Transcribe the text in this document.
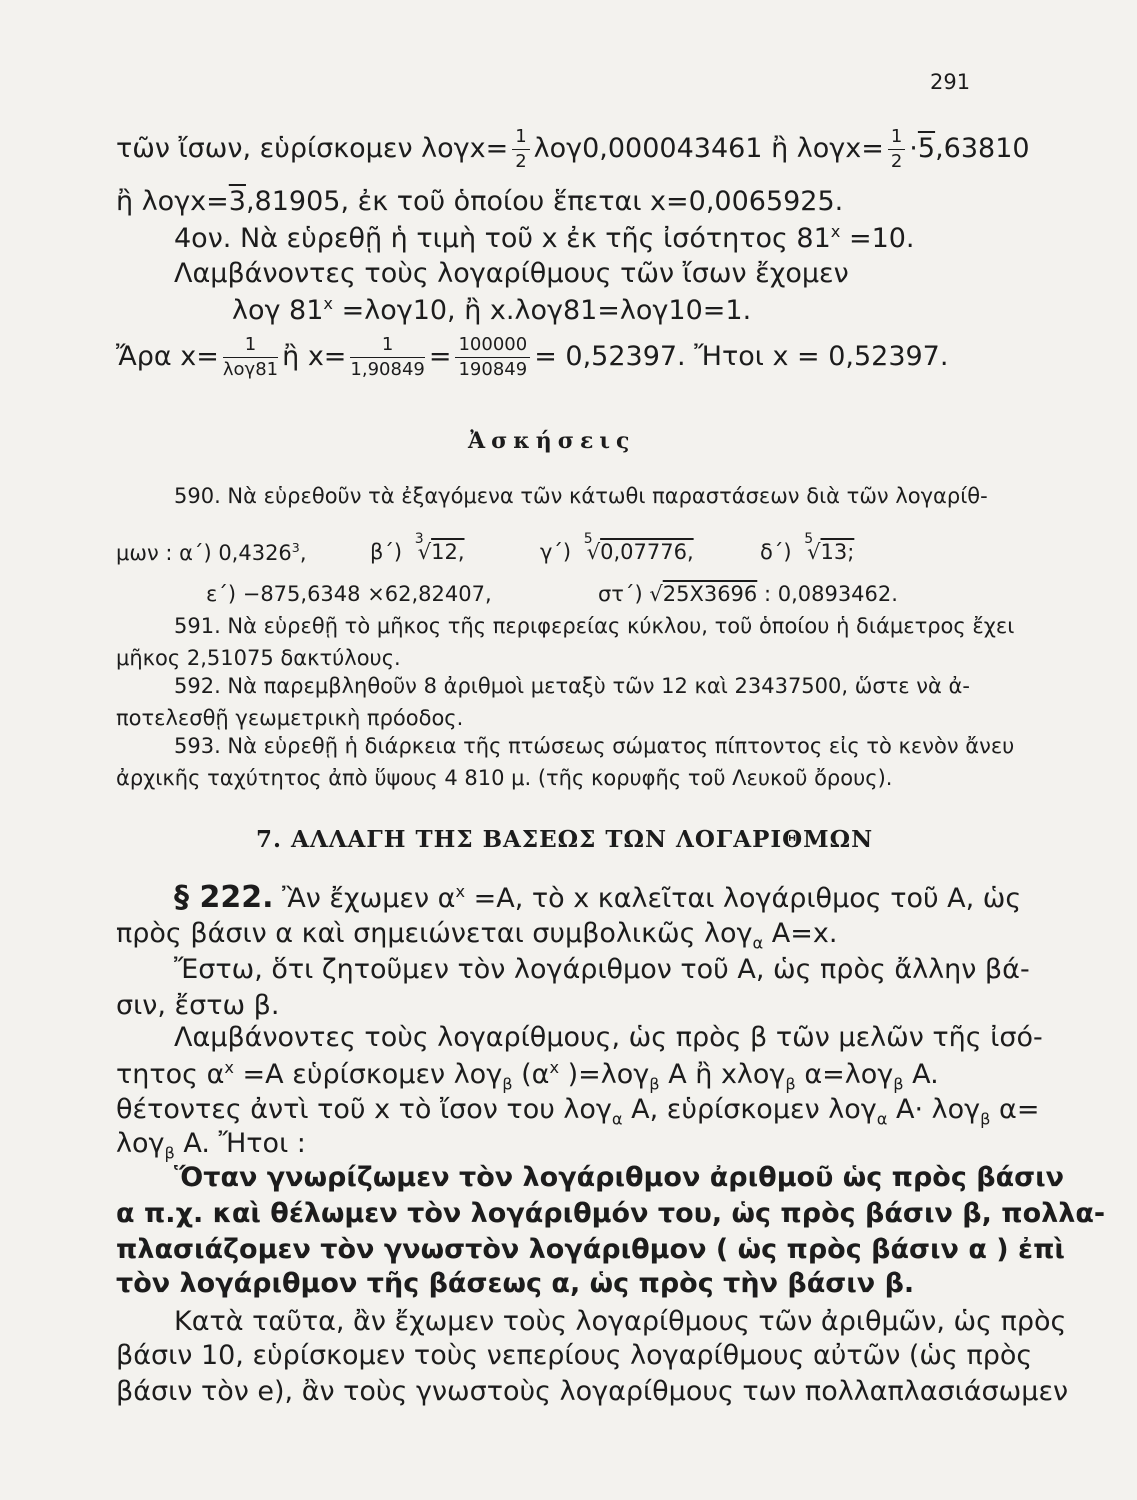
291
τῶν ἴσων, εὑρίσκομεν $\lambda o\gamma x= \frac{1}{2} \lambda o\gamma 0,000043461$ ἢ $\lambda o\gamma x= \frac{1}{2} \cdot 5,63810$
ἢ λογx=3,81905, ἐκ τοῦ ὁποίου ἕπεται x=0,0065925.
4ον. Νὰ εὑρεθῇ ἡ τιμὴ τοῦ x ἐκ τῆς ἰσότητος $81^x =10$.
Λαμβάνοντες τοὺς λογαρίθμους τῶν ἴσων ἔχομεν
λογ $81^x =\lambda o\gamma 10$, ἢ x.λογ81=λογ10=1.
Ἄρα $x= \frac{1}{\text{λογ81}}$ ἢ $x= \frac{1}{1,90849} = \frac{100000}{190849} = 0,52397$. Ἤτοι x = 0,52397.
Ἀσκήσεις
590. Νὰ εὑρεθοῦν τὰ ἐξαγόμενα τῶν κάτωθι παραστάσεων διὰ τῶν λογαρίθ-
μων : α΄) 0,4326$^3$,	β΄) $^3$√12,	γ΄) $^5$√0,07776,	δ΄) $^5$√13;
ε΄) −875,6348 ×62,82407,	στ΄) √25X3696 : 0,0893462.
591. Νὰ εὑρεθῇ τὸ μῆκος τῆς περιφερείας κύκλου, τοῦ ὁποίου ἡ διάμετρος ἔχει
μῆκος 2,51075 δακτύλους.
592. Νὰ παρεμβληθοῦν 8 ἀριθμοὶ μεταξὺ τῶν 12 καὶ 23437500, ὥστε νὰ ἀ-
ποτελεσθῇ γεωμετρικὴ πρόοδος.
593. Νὰ εὑρεθῇ ἡ διάρκεια τῆς πτώσεως σώματος πίπτοντος εἰς τὸ κενὸν ἄνευ
ἀρχικῆς ταχύτητος ἀπὸ ὕψους 4 810 μ. (τῆς κορυφῆς τοῦ Λευκοῦ ὄρους).
7. ΑΛΛΑΓΗ ΤΗΣ ΒΑΣΕΩΣ ΤΩΝ ΛΟΓΑΡΙΘΜΩΝ
§ 222. Ἂν ἔχωμεν $\alpha^x =A$, τὸ x καλεῖται λογάριθμος τοῦ A, ὡς
πρὸς βάσιν α καὶ σημειώνεται συμβολικῶς λογ$_\alpha$ A=x.
Ἔστω, ὅτι ζητοῦμεν τὸν λογάριθμον τοῦ A, ὡς πρὸς ἄλλην βά-
σιν, ἔστω β.
Λαμβάνοντες τοὺς λογαρίθμους, ὡς πρὸς β τῶν μελῶν τῆς ἰσό-
τητος $\alpha^x =A$ εὑρίσκομεν λογ$_\beta$ ($\alpha^x$ )=λογ$_\beta$ A ἢ xλογ$_\beta$ α=λογ$_\beta$ A.
θέτοντες ἀντὶ τοῦ x τὸ ἴσον του λογ$_\alpha$ A, εὑρίσκομεν λογ$_\alpha$ A· λογ$_\beta$ α=
λογ$_\beta$ A. Ἤτοι :
Ὅταν γνωρίζωμεν τὸν λογάριθμον ἀριθμοῦ ὡς πρὸς βάσιν
α π.χ. καὶ θέλωμεν τὸν λογάριθμόν του, ὡς πρὸς βάσιν β, πολλα-
πλασιάζομεν τὸν γνωστὸν λογάριθμον ( ὡς πρὸς βάσιν α ) ἐπὶ
τὸν λογάριθμον τῆς βάσεως α, ὡς πρὸς τὴν βάσιν β.
Κατὰ ταῦτα, ἂν ἔχωμεν τοὺς λογαρίθμους τῶν ἀριθμῶν, ὡς πρὸς
βάσιν 10, εὑρίσκομεν τοὺς νεπερίους λογαρίθμους αὐτῶν (ὡς πρὸς
βάσιν τὸν e), ἂν τοὺς γνωστοὺς λογαρίθμους των πολλαπλασιάσωμεν
